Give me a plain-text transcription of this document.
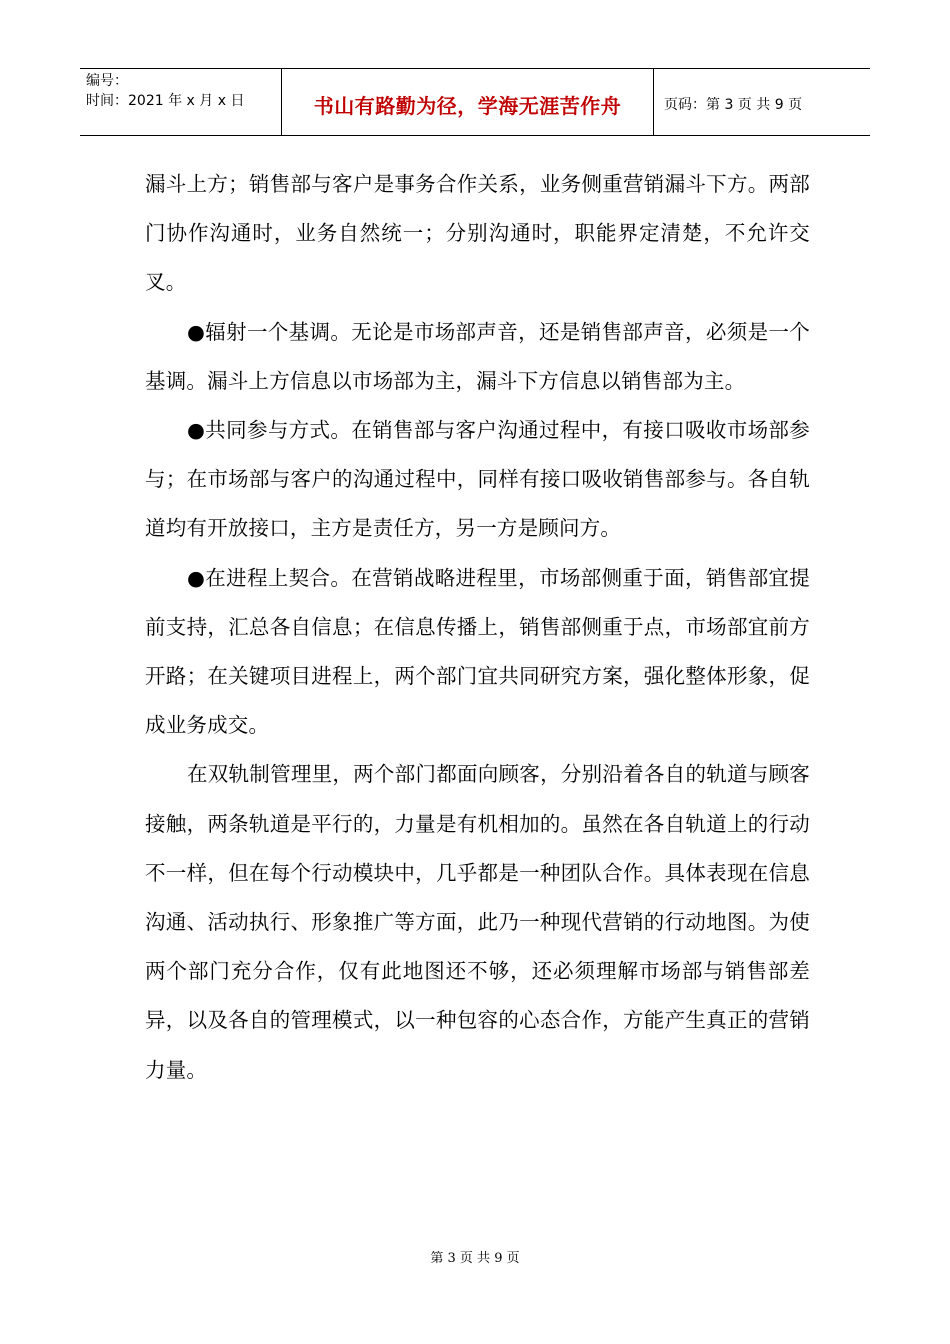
编号：
时间：2021 年 x 月 x 日	书山有路勤为径，学海无涯苦作舟	页码：第 3 页 共 9 页

漏斗上方；销售部与客户是事务合作关系，业务侧重营销漏斗下方。两部门协作沟通时，业务自然统一；分别沟通时，职能界定清楚，不允许交叉。

●辐射一个基调。无论是市场部声音，还是销售部声音，必须是一个基调。漏斗上方信息以市场部为主，漏斗下方信息以销售部为主。

●共同参与方式。在销售部与客户沟通过程中，有接口吸收市场部参与；在市场部与客户的沟通过程中，同样有接口吸收销售部参与。各自轨道均有开放接口，主方是责任方，另一方是顾问方。

●在进程上契合。在营销战略进程里，市场部侧重于面，销售部宜提前支持，汇总各自信息；在信息传播上，销售部侧重于点，市场部宜前方开路；在关键项目进程上，两个部门宜共同研究方案，强化整体形象，促成业务成交。

在双轨制管理里，两个部门都面向顾客，分别沿着各自的轨道与顾客接触，两条轨道是平行的，力量是有机相加的。虽然在各自轨道上的行动不一样，但在每个行动模块中，几乎都是一种团队合作。具体表现在信息沟通、活动执行、形象推广等方面，此乃一种现代营销的行动地图。为使两个部门充分合作，仅有此地图还不够，还必须理解市场部与销售部差异，以及各自的管理模式，以一种包容的心态合作，方能产生真正的营销力量。

第 3 页 共 9 页
